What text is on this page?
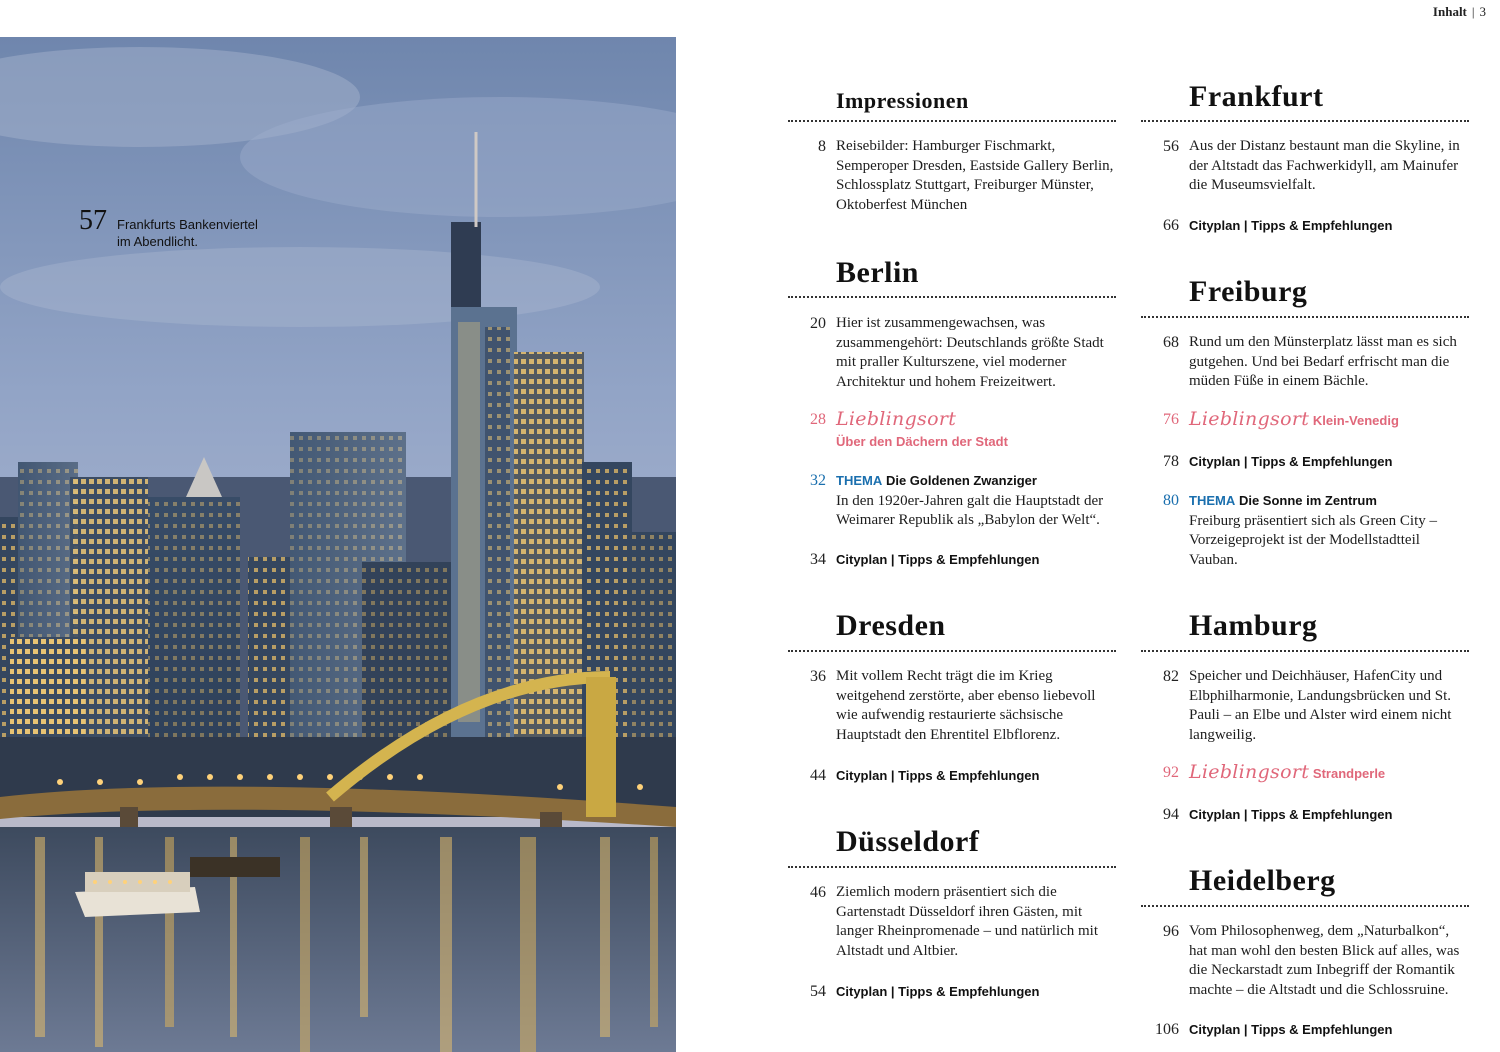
Inhalt | 3
57 Frankfurts Bankenviertel im Abendlicht.
Impressionen
8 Reisebilder: Hamburger Fischmarkt, Semperoper Dresden, Eastside Gallery Berlin, Schlossplatz Stuttgart, Freiburger Münster, Oktoberfest München
Berlin
20 Hier ist zusammengewachsen, was zusammengehört: Deutschlands größte Stadt mit praller Kulturszene, viel moderner Architektur und hohem Freizeitwert.
28 Lieblingsort
Über den Dächern der Stadt
32 THEMA Die Goldenen Zwanziger
In den 1920er-Jahren galt die Hauptstadt der Weimarer Republik als „Babylon der Welt“.
34 Cityplan | Tipps & Empfehlungen
Dresden
36 Mit vollem Recht trägt die im Krieg weitgehend zerstörte, aber ebenso liebevoll wie aufwendig restaurierte sächsische Hauptstadt den Ehrentitel Elbflorenz.
44 Cityplan | Tipps & Empfehlungen
Düsseldorf
46 Ziemlich modern präsentiert sich die Gartenstadt Düsseldorf ihren Gästen, mit langer Rheinpromenade – und natürlich mit Altstadt und Altbier.
54 Cityplan | Tipps & Empfehlungen
Frankfurt
56 Aus der Distanz bestaunt man die Skyline, in der Altstadt das Fachwerkidyll, am Mainufer die Museumsvielfalt.
66 Cityplan | Tipps & Empfehlungen
Freiburg
68 Rund um den Münsterplatz lässt man es sich gutgehen. Und bei Bedarf erfrischt man die müden Füße in einem Bächle.
76 Lieblingsort Klein-Venedig
78 Cityplan | Tipps & Empfehlungen
80 THEMA Die Sonne im Zentrum
Freiburg präsentiert sich als Green City – Vorzeigeprojekt ist der Modellstadtteil Vauban.
Hamburg
82 Speicher und Deichhäuser, HafenCity und Elbphilharmonie, Landungsbrücken und St. Pauli – an Elbe und Alster wird einem nicht langweilig.
92 Lieblingsort Strandperle
94 Cityplan | Tipps & Empfehlungen
Heidelberg
96 Vom Philosophenweg, dem „Naturbalkon“, hat man wohl den besten Blick auf alles, was die Neckarstadt zum Inbegriff der Romantik machte – die Altstadt und die Schlossruine.
106 Cityplan | Tipps & Empfehlungen
